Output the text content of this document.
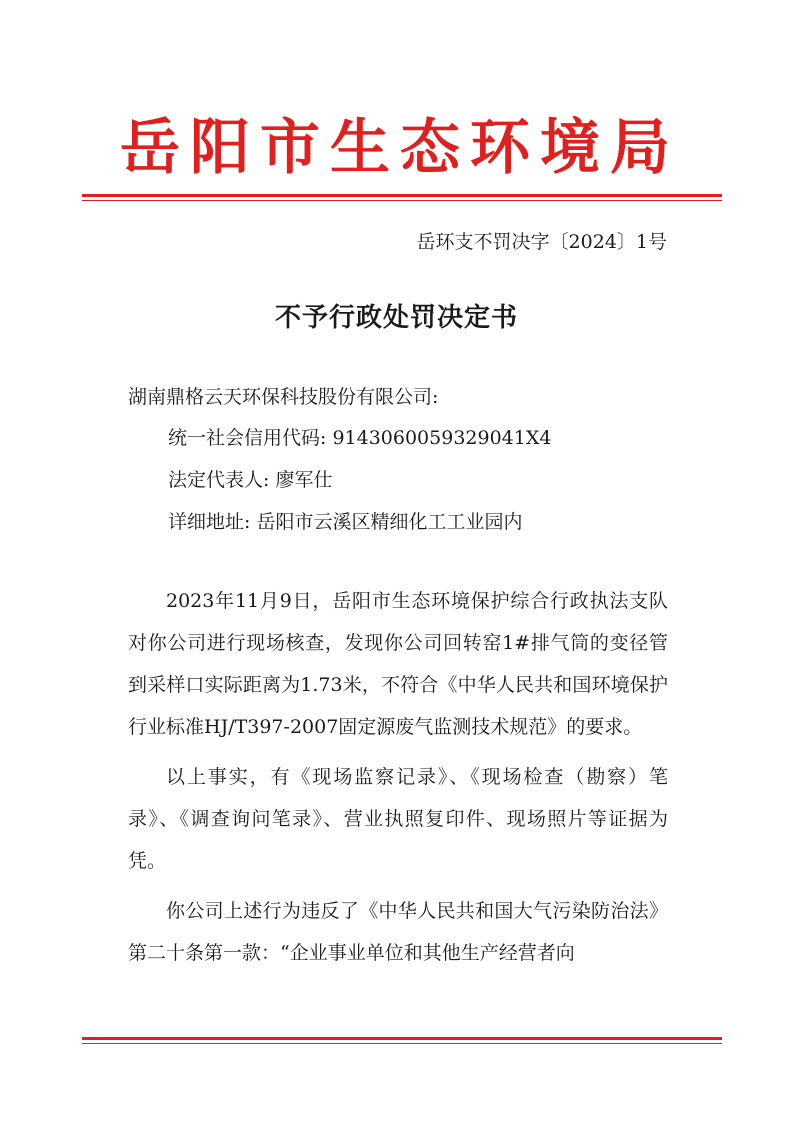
岳阳市生态环境局
岳环支不罚决字〔2024〕1号
不予行政处罚决定书
湖南鼎格云天环保科技股份有限公司:
统一社会信用代码: 9143060059329041X4
法定代表人: 廖军仕
详细地址: 岳阳市云溪区精细化工工业园内

2023年11月9日，岳阳市生态环境保护综合行政执法支队对你公司进行现场核查，发现你公司回转窑1#排气筒的变径管到采样口实际距离为1.73米，不符合《中华人民共和国环境保护行业标准HJ/T397-2007固定源废气监测技术规范》的要求。

以上事实，有《现场监察记录》、《现场检查（勘察）笔录》、《调查询问笔录》、营业执照复印件、现场照片等证据为凭。

你公司上述行为违反了《中华人民共和国大气污染防治法》第二十条第一款：“企业事业单位和其他生产经营者向
